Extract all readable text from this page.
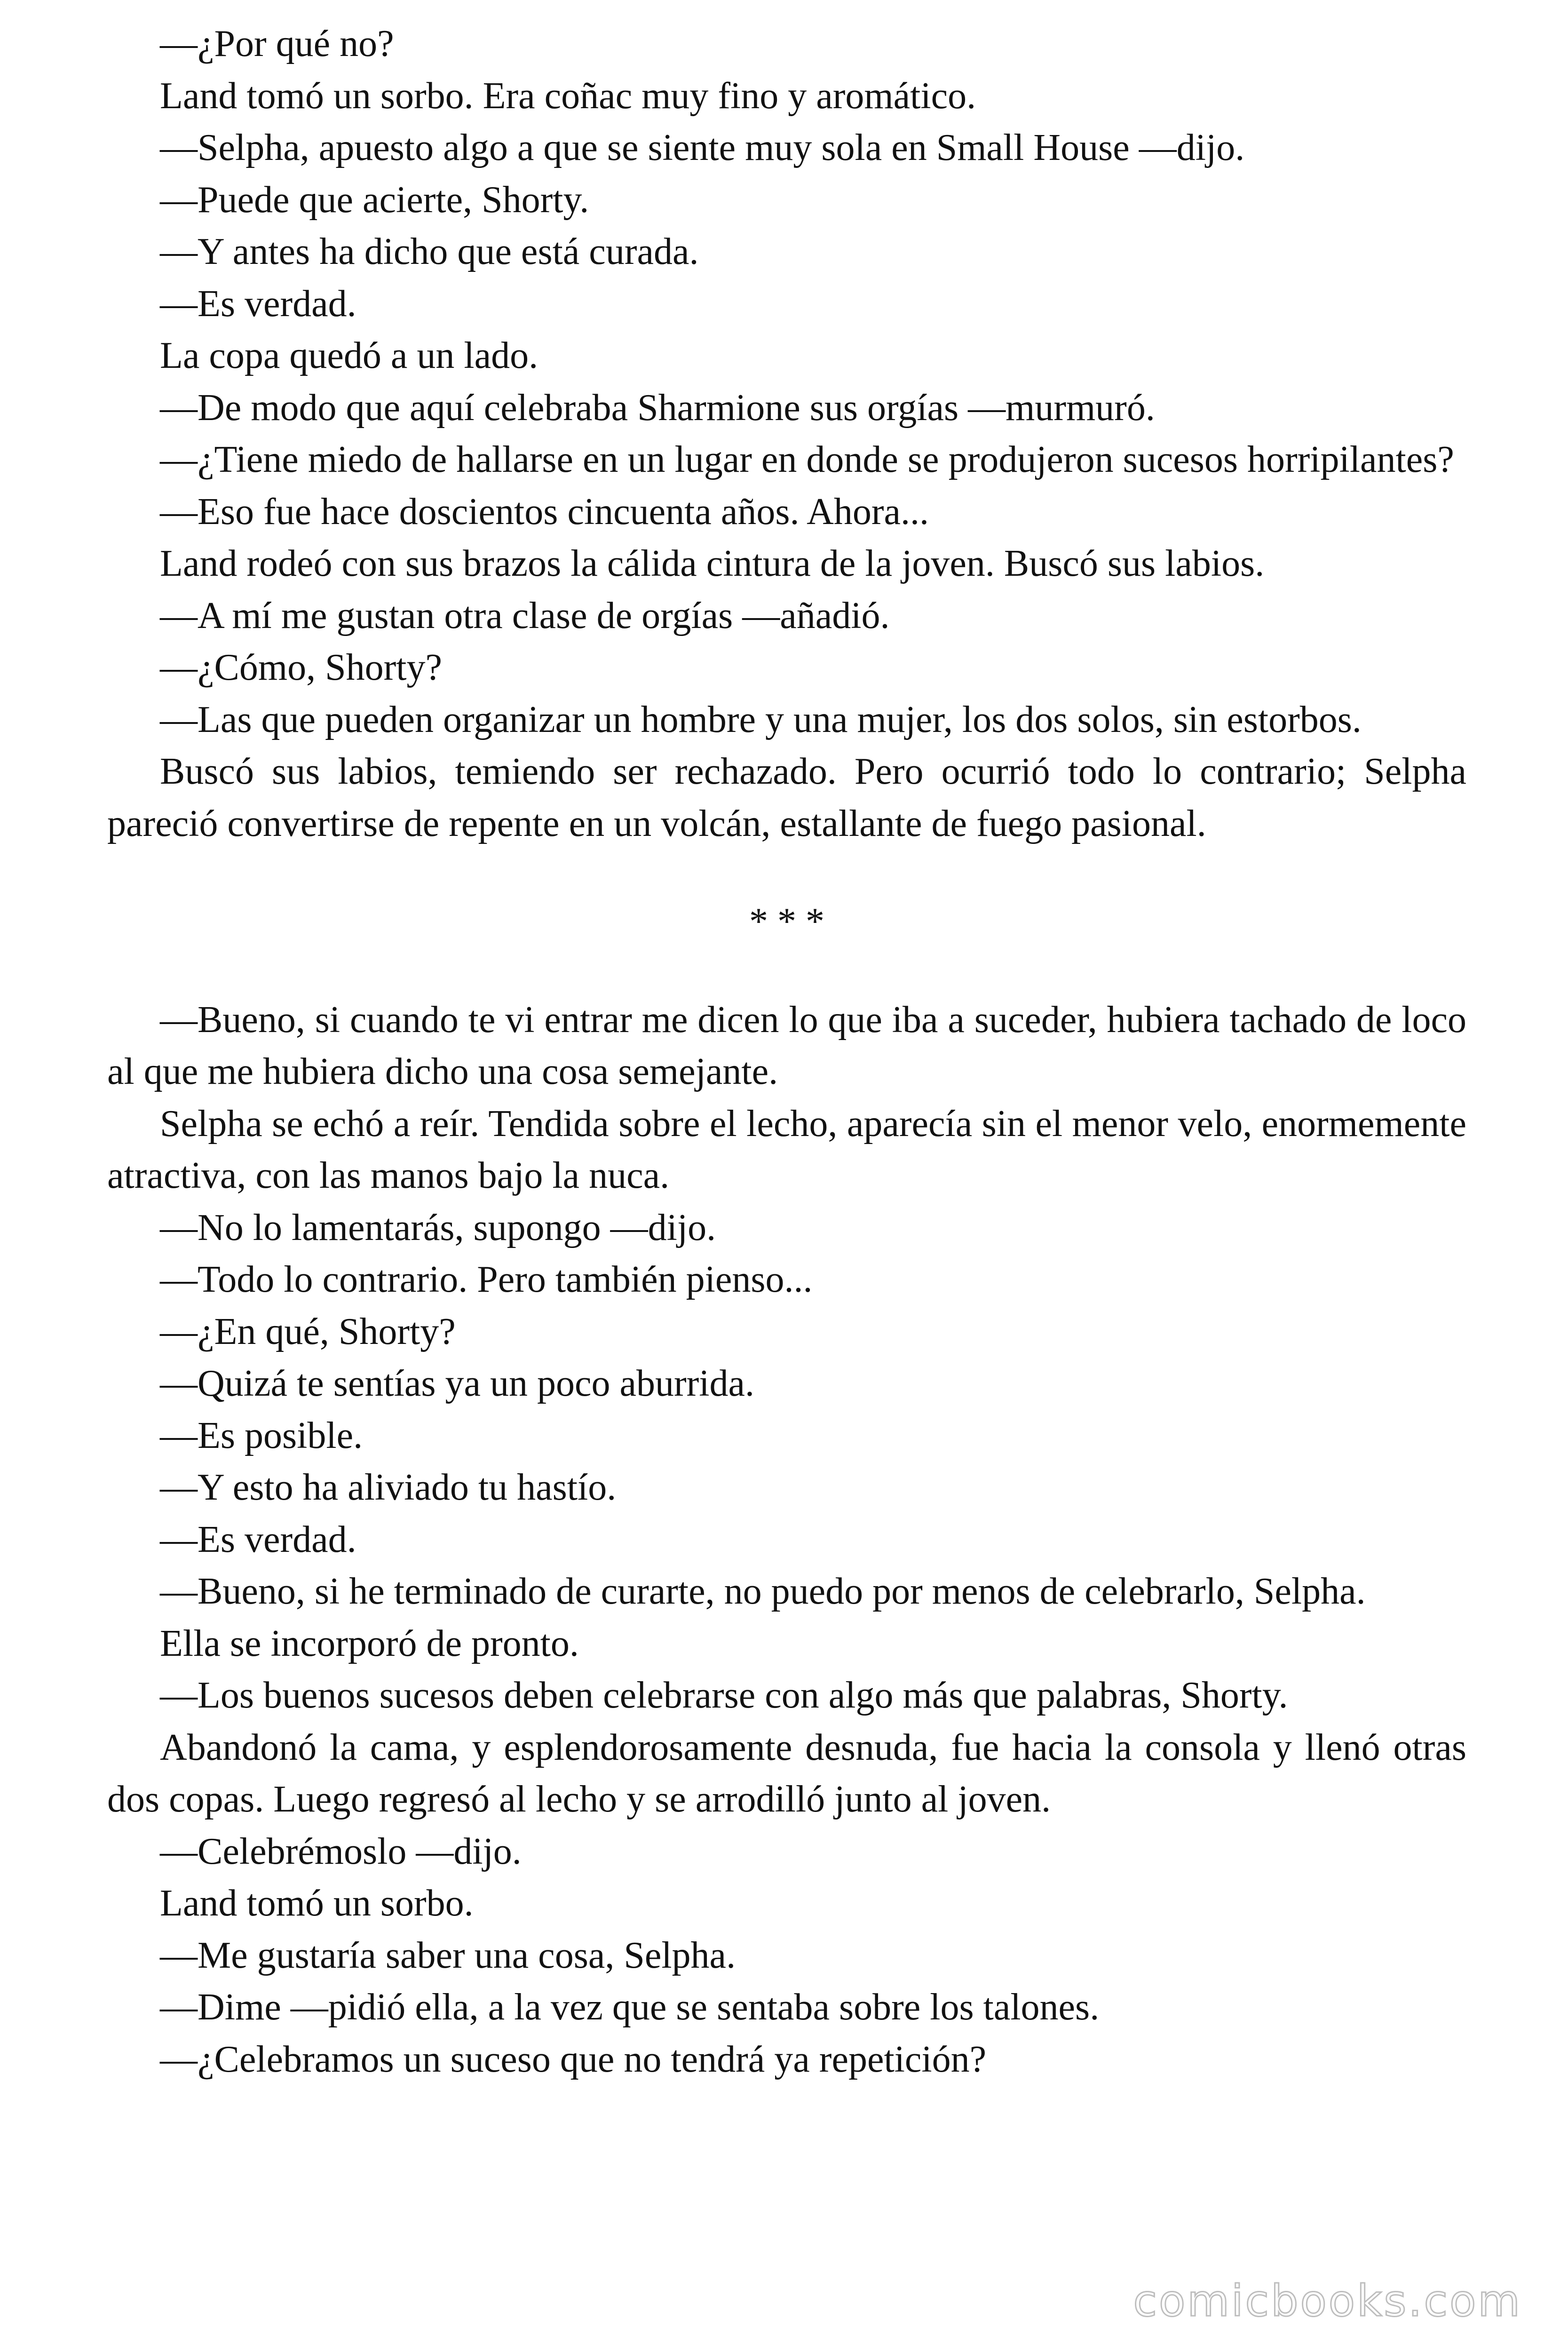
—¿Por qué no?

Land tomó un sorbo. Era coñac muy fino y aromático.

—Selpha, apuesto algo a que se siente muy sola en Small House —dijo.

—Puede que acierte, Shorty.

—Y antes ha dicho que está curada.

—Es verdad.

La copa quedó a un lado.

—De modo que aquí celebraba Sharmione sus orgías —murmuró.

—¿Tiene miedo de hallarse en un lugar en donde se produjeron sucesos horripilantes?

—Eso fue hace doscientos cincuenta años. Ahora...

Land rodeó con sus brazos la cálida cintura de la joven. Buscó sus labios.

—A mí me gustan otra clase de orgías —añadió.

—¿Cómo, Shorty?

—Las que pueden organizar un hombre y una mujer, los dos solos, sin estorbos.

Buscó sus labios, temiendo ser rechazado. Pero ocurrió todo lo contrario; Selpha pareció convertirse de repente en un volcán, estallante de fuego pasional.

* * *

—Bueno, si cuando te vi entrar me dicen lo que iba a suceder, hubiera tachado de loco al que me hubiera dicho una cosa semejante.

Selpha se echó a reír. Tendida sobre el lecho, aparecía sin el menor velo, enormemente atractiva, con las manos bajo la nuca.

—No lo lamentarás, supongo —dijo.

—Todo lo contrario. Pero también pienso...

—¿En qué, Shorty?

—Quizá te sentías ya un poco aburrida.

—Es posible.

—Y esto ha aliviado tu hastío.

—Es verdad.

—Bueno, si he terminado de curarte, no puedo por menos de celebrarlo, Selpha.

Ella se incorporó de pronto.

—Los buenos sucesos deben celebrarse con algo más que palabras, Shorty.

Abandonó la cama, y esplendorosamente desnuda, fue hacia la consola y llenó otras dos copas. Luego regresó al lecho y se arrodilló junto al joven.

—Celebrémoslo —dijo.

Land tomó un sorbo.

—Me gustaría saber una cosa, Selpha.

—Dime —pidió ella, a la vez que se sentaba sobre los talones.

—¿Celebramos un suceso que no tendrá ya repetición?

comicbooks.com
